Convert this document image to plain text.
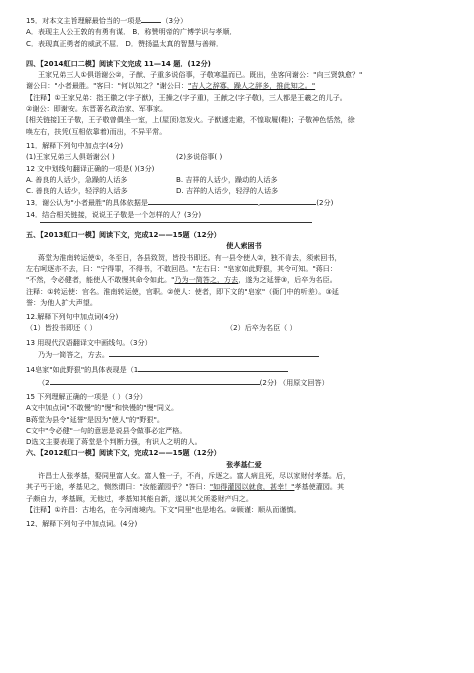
15．对本文主旨理解最恰当的一项是	（3分）
A．表现主人公王敦的有勇有谋． B．称赞明帝的广博学识与孝顺．
C．表现真正勇者的威武不屈． D．赞扬温太真的智慧与善辩．
四、【2014虹口二模】阅读下文完成 11—14 题．(12分)
王家兄弟三人①俱诣谢公②，子猷、子重多说俗事，子敬寒温而已。既出，坐客问谢公："向三贤孰愈？"
谢公曰："小者最胜。"客曰："何以知之？"谢公曰："吉人之辞寡，躁人之辞多，推此知之。"
【注释】①王家兄弟：指王徽之(字子猷)，王操之(字子重)，王献之(字子敬)，三人都是王羲之的儿子。
②谢公：即谢安。东晋著名政治家、军事家。
[相关链接]王子敬，王子敬曾偶坐一室，上(屋顶)忽发火。子猷遽走避，不惶取履(鞋)；子敬神色恬然，徐
唤左右，扶凭(互相依靠着)而出，不异平常。
11．解释下列句中加点字(4分)
(1)王家兄弟三人俱诣谢公( )	(2)多说俗事( )
12 文中划线句翻译正确的一项是( )(3分)
A. 善良的人话少，急躁的人话多	B. 吉祥的人话少，躁动的人话多
C. 善良的人话少，轻浮的人话多	D. 吉祥的人话少，轻浮的人话多
13．谢公认为"小者最胜"的具体依据是	,	(2分)
14．结合相关链接，说说王子敬是一个怎样的人？(3分)
五、【2013虹口一模】阅读下文，完成12——15题（12分）
使人索困书
蒋堂为淮南转运使①，冬至日，各县致贺，皆投书即还。有一县令使人②，独不肯去，须索回书，
左右呵逐亦不去，曰："宁得罪，不得书，不敢回邑。"左右曰："皂家如此野狠，其令可知。"蒋曰：
"不然，令必健者，能使人不敢慢其命令如此。"乃为一简答之，方去，遂为之延誉③，后卒为名臣。
注释：①转运使：官名。淮南转运使，官职。②使人：使者，即下文的"皂家"（衙门中的听差）。③延
誉：为他人扩大声望。
12.解释下列句中加点词(4分)
（1）皆投书即还（ ）	（2）后卒为名臣（ ）
13 用现代汉语翻译文中画线句。（3分）
乃为一简答之，方去。
14皂家"如此野狠"的具体表现是（1
（2	(2分) （用原文回答）
15 下列理解正确的一项是（ ）（3分）
A文中加点词"不敢慢"的"慢"和快慢的"慢"同义。
B蒋堂为县令"延誉"是因为"使人"的"野狠"。
C文中"令必健"一句的意思是说县令做事必定严格。
D选文主要表现了蒋堂是个判断力强，有识人之明的人。
六、【2012虹口一模】阅读下文，完成12——15题（12分）
张孝基仁爱
许昌士人张孝基，娶同里富人女。富人惟一子，不肖，斥逐之。富人病且死，尽以家财付孝基。后，
其子丐于途，孝基见之，恻然谓曰："汝能灌园乎？"答曰："如得灌园以就食，甚幸！"孝基使灌园。其
子颇自力，孝基顾，无他过，孝基知其能自新，遂以其父所委财产归之。
【注释】①许昌：古地名，在今河南境内。下文"同里"也是地名。②顾谨：顺从而谨慎。
12、解释下列句子中加点词。(4分)
